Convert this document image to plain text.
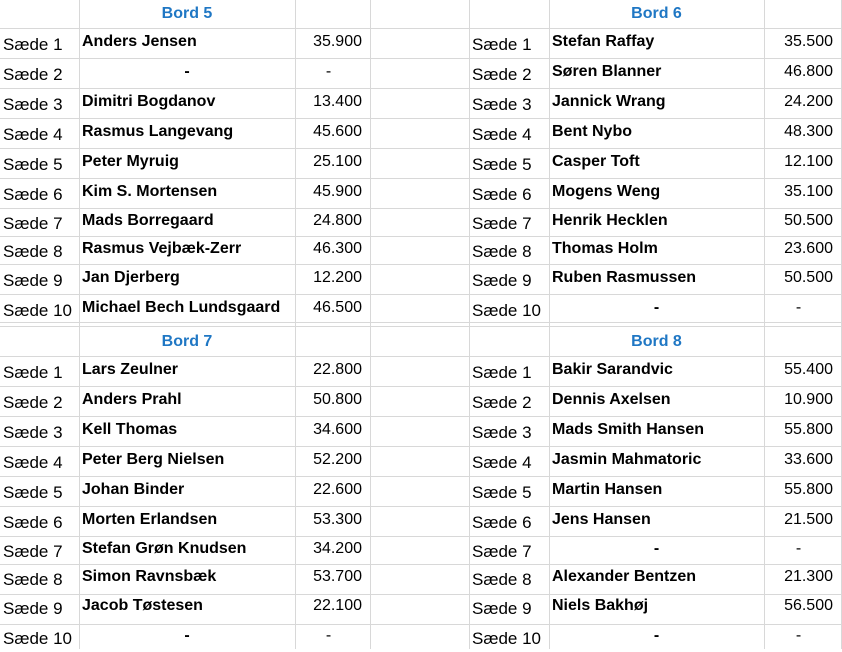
Bord 5
Sæde 1	Anders Jensen	35.900
Sæde 2	-	-
Sæde 3	Dimitri Bogdanov	13.400
Sæde 4	Rasmus Langevang	45.600
Sæde 5	Peter Myruig	25.100
Sæde 6	Kim S. Mortensen	45.900
Sæde 7	Mads Borregaard	24.800
Sæde 8	Rasmus Vejbæk-Zerr	46.300
Sæde 9	Jan Djerberg	12.200
Sæde 10 Michael Bech Lundsgaard	46.500
Bord 6
Sæde 1	Stefan Raffay	35.500
Sæde 2	Søren Blanner	46.800
Sæde 3	Jannick Wrang	24.200
Sæde 4	Bent Nybo	48.300
Sæde 5	Casper Toft	12.100
Sæde 6	Mogens Weng	35.100
Sæde 7	Henrik Hecklen	50.500
Sæde 8	Thomas Holm	23.600
Sæde 9	Ruben Rasmussen	50.500
Sæde 10	-	-
Bord 7
Sæde 1	Lars Zeulner	22.800
Sæde 2	Anders Prahl	50.800
Sæde 3	Kell Thomas	34.600
Sæde 4	Peter Berg Nielsen	52.200
Sæde 5	Johan Binder	22.600
Sæde 6	Morten Erlandsen	53.300
Sæde 7	Stefan Grøn Knudsen	34.200
Sæde 8	Simon Ravnsbæk	53.700
Sæde 9	Jacob Tøstesen	22.100
Sæde 10	-	-
Bord 8
Sæde 1	Bakir Sarandvic	55.400
Sæde 2	Dennis Axelsen	10.900
Sæde 3	Mads Smith Hansen	55.800
Sæde 4	Jasmin Mahmatoric	33.600
Sæde 5	Martin Hansen	55.800
Sæde 6	Jens Hansen	21.500
Sæde 7	-	-
Sæde 8	Alexander Bentzen	21.300
Sæde 9	Niels Bakhøj	56.500
Sæde 10	-	-
